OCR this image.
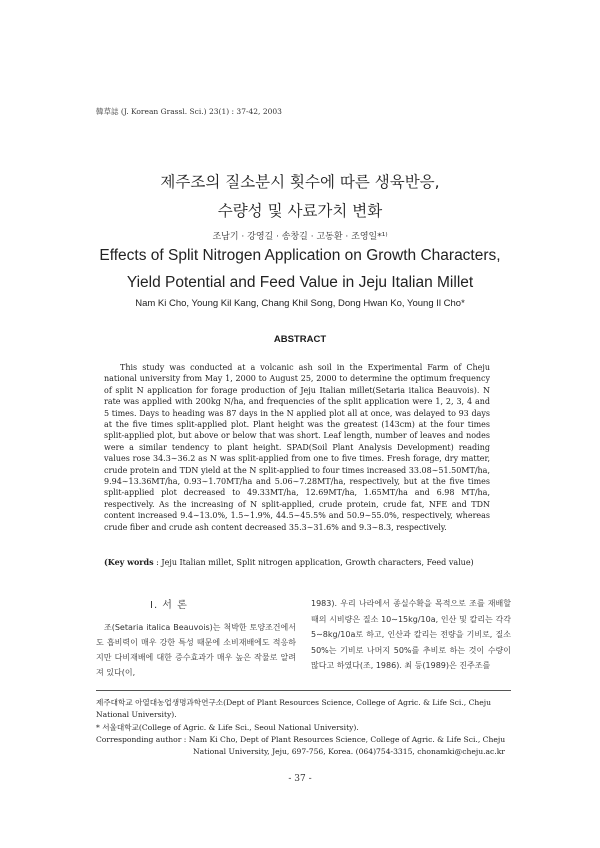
韓草誌 (J. Korean Grassl. Sci.) 23(1) : 37-42, 2003
제주조의 질소분시 횟수에 따른 생육반응,
수량성 및 사료가치 변화
조남기 · 강영길 · 송창길 · 고동환 · 조영일*¹⁾
Effects of Split Nitrogen Application on Growth Characters,
Yield Potential and Feed Value in Jeju Italian Millet
Nam Ki Cho, Young Kil Kang, Chang Khil Song, Dong Hwan Ko, Young Il Cho*
ABSTRACT
This study was conducted at a volcanic ash soil in the Experimental Farm of Cheju national university from May 1, 2000 to August 25, 2000 to determine the optimum frequency of split N application for forage production of Jeju Italian millet(Setaria italica Beauvois). N rate was applied with 200kg N/ha, and frequencies of the split application were 1, 2, 3, 4 and 5 times. Days to heading was 87 days in the N applied plot all at once, was delayed to 93 days at the five times split-applied plot. Plant height was the greatest (143cm) at the four times split-applied plot, but above or below that was short. Leaf length, number of leaves and nodes were a similar tendency to plant height. SPAD(Soil Plant Analysis Development) reading values rose 34.3∼36.2 as N was split-applied from one to five times. Fresh forage, dry matter, crude protein and TDN yield at the N split-applied to four times increased 33.08∼51.50MT/ha, 9.94∼13.36MT/ha, 0.93∼1.70MT/ha and 5.06∼7.28MT/ha, respectively, but at the five times split-applied plot decreased to 49.33MT/ha, 12.69MT/ha, 1.65MT/ha and 6.98 MT/ha, respectively. As the increasing of N split-applied, crude protein, crude fat, NFE and TDN content increased 9.4∼13.0%, 1.5∼1.9%, 44.5∼45.5% and 50.9∼55.0%, respectively, whereas crude fiber and crude ash content decreased 35.3∼31.6% and 9.3∼8.3, respectively.
(Key words : Jeju Italian millet, Split nitrogen application, Growth characters, Feed value)
Ⅰ. 서 론
조(Setaria italica Beauvois)는 척박한 토양조건에서도 흡비력이 매우 강한 특성 때문에 소비재배에도 적응하지만 다비재배에 대한 증수효과가 매우 높은 작물로 알려져 있다(이,
1983). 우리 나라에서 종실수확을 목적으로 조를 재배할 때의 시비량은 질소 10∼15kg/10a, 인산 및 칼리는 각각 5∼8kg/10a로 하고, 인산과 칼리는 전량을 기비로, 질소 50%는 기비로 나머지 50%를 추비로 하는 것이 수량이 많다고 하였다(조, 1986). 최 등(1989)은 진주조를
제주대학교 아열대농업생명과학연구소(Dept of Plant Resources Science, College of Agric. & Life Sci., Cheju National University).
* 서울대학교(College of Agric. & Life Sci., Seoul National University).
Corresponding author : Nam Ki Cho, Dept of Plant Resources Science, College of Agric. & Life Sci., Cheju
National University, Jeju, 697-756, Korea. (064)754-3315, chonamki@cheju.ac.kr
- 37 -
